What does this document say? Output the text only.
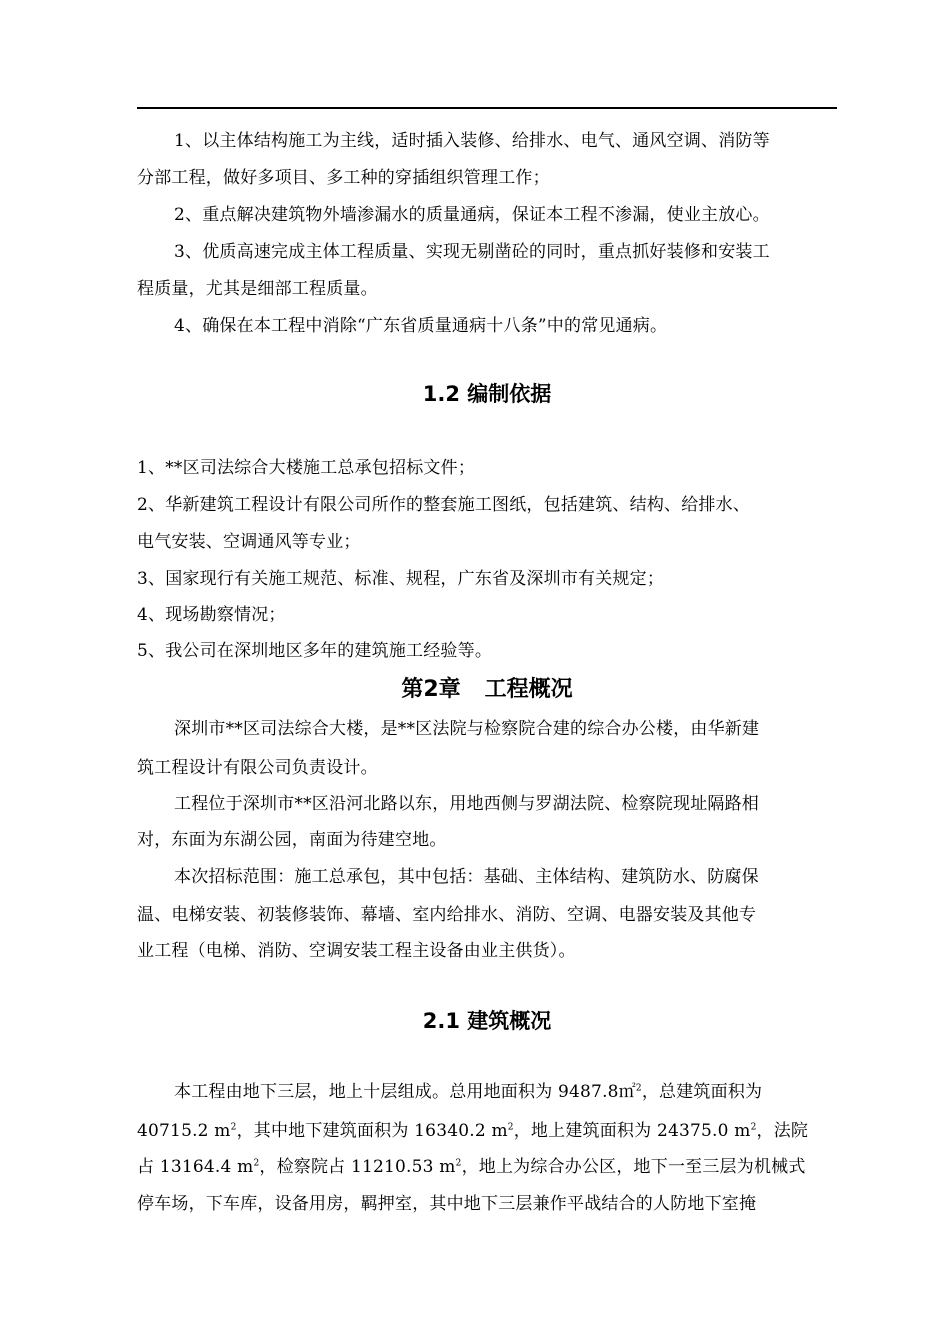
1、以主体结构施工为主线，适时插入装修、给排水、电气、通风空调、消防等
分部工程，做好多项目、多工种的穿插组织管理工作；
2、重点解决建筑物外墙渗漏水的质量通病，保证本工程不渗漏，使业主放心。
3、优质高速完成主体工程质量、实现无剔凿砼的同时，重点抓好装修和安装工
程质量，尤其是细部工程质量。
4、确保在本工程中消除“广东省质量通病十八条”中的常见通病。
1.2 编制依据
1、**区司法综合大楼施工总承包招标文件；
2、华新建筑工程设计有限公司所作的整套施工图纸，包括建筑、结构、给排水、
电气安装、空调通风等专业；
3、国家现行有关施工规范、标准、规程，广东省及深圳市有关规定；
4、现场勘察情况；
5、我公司在深圳地区多年的建筑施工经验等。
第2章 工程概况
深圳市**区司法综合大楼，是**区法院与检察院合建的综合办公楼，由华新建
筑工程设计有限公司负责设计。
工程位于深圳市**区沿河北路以东，用地西侧与罗湖法院、检察院现址隔路相
对，东面为东湖公园，南面为待建空地。
本次招标范围：施工总承包，其中包括：基础、主体结构、建筑防水、防腐保
温、电梯安装、初装修装饰、幕墙、室内给排水、消防、空调、电器安装及其他专
业工程（电梯、消防、空调安装工程主设备由业主供货）。
2.1 建筑概况
本工程由地下三层，地上十层组成。总用地面积为 9487.8㎡$^2$，总建筑面积为
40715.2 $m^2$，其中地下建筑面积为 16340.2 $m^2$，地上建筑面积为 24375.0 $m^2$，法院
占 13164.4 $m^2$，检察院占 11210.53 $m^2$，地上为综合办公区，地下一至三层为机械式
停车场，下车库，设备用房，羁押室，其中地下三层兼作平战结合的人防地下室掩
